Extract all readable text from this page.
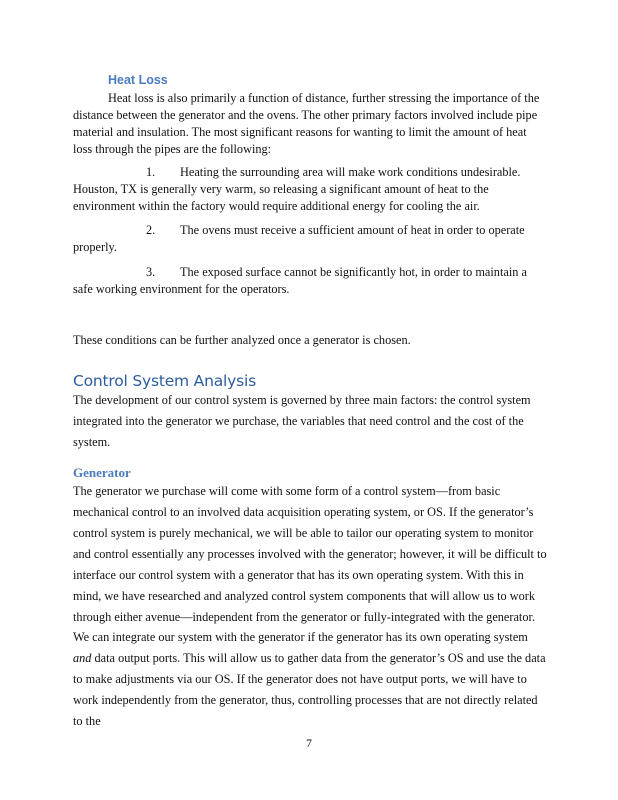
Heat Loss
Heat loss is also primarily a function of distance, further stressing the importance of the
distance between the generator and the ovens. The other primary factors involved include pipe material and insulation. The most significant reasons for wanting to limit the amount of heat loss through the pipes are the following:
1. Heating the surrounding area will make work conditions undesirable.
Houston, TX is generally very warm, so releasing a significant amount of heat to the environment within the factory would require additional energy for cooling the air.
2. The ovens must receive a sufficient amount of heat in order to operate
properly.
3. The exposed surface cannot be significantly hot, in order to maintain a
safe working environment for the operators.
These conditions can be further analyzed once a generator is chosen.
Control System Analysis
The development of our control system is governed by three main factors: the control system integrated into the generator we purchase, the variables that need control and the cost of the system.
Generator
The generator we purchase will come with some form of a control system—from basic mechanical control to an involved data acquisition operating system, or OS. If the generator’s control system is purely mechanical, we will be able to tailor our operating system to monitor and control essentially any processes involved with the generator; however, it will be difficult to interface our control system with a generator that has its own operating system. With this in mind, we have researched and analyzed control system components that will allow us to work through either avenue—independent from the generator or fully-integrated with the generator.
We can integrate our system with the generator if the generator has its own operating system and data output ports. This will allow us to gather data from the generator’s OS and use the data to make adjustments via our OS. If the generator does not have output ports, we will have to work independently from the generator, thus, controlling processes that are not directly related to the
7
